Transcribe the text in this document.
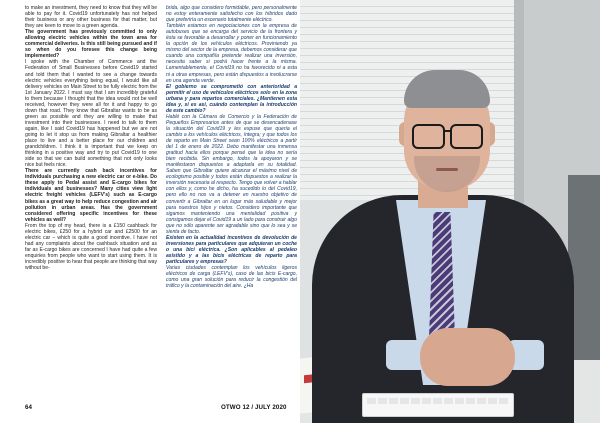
to make an investment, they need to know that they will be able to pay for it. Covid19 unfortunately has not helped their business or any other business for that matter, but they are keen to move to a green agenda.

The government has previously committed to only allowing electric vehicles within the town area for commercial deliveries. Is this still being pursued and if so when do you foresee this change being implemented?

I spoke with the Chamber of Commerce and the Federation of Small Businesses before Covid19 started and told them that I wanted to see a change towards electric vehicles everything being equal, I would like all delivery vehicles on Main Street to be fully electric from the 1st January 2022. I must say that I am incredibly grateful to them because I thought that the idea would not be well received, however they were all for it and happy to go down that road. They know that Gibraltar wants to be as green as possible and they are willing to make that investment into their businesses. I need to talk to them again, like I said Covid19 has happened but we are not going to let it stop us from making Gibraltar a healthier place to live and a better place for our children and grandchildren. I think it is important that we keep on thinking in a positive way and try to put Covid19 to one side so that we can build something that not only looks nice but feels nice.

There are currently cash back incentives for individuals purchasing a new electric car or e-bike. Do these apply to Pedal assist and E-cargo bikes for individuals and businesses? Many cities view light electric freight vehicles (LEFV's) such as E-cargo bikes as a great way to help reduce congestion and air pollution in urban areas. Has the government considered offering specific incentives for these vehicles as well?

From the top of my head, there is a £150 cashback for electric bikes, £250 for a hybrid car and £2500 for an electric car – which is quite a good incentive. I have not had any complaints about the cashback situation and as far as E-cargo bikes are concerned I have had quite a few enquiries from people who want to start using them. It is incredibly positive to hear that people are thinking that way without be-

brida, algo que considero formidable, pero personalmente no estoy enteramente satisfecho con los híbridos dado que preferiría un escenario totalmente eléctrico.

También estamos en negociaciones con la empresa de autobuses que se encarga del servicio de la frontera y ésta se favorable a desarrollar y poner en funcionamiento la opción de los vehículos eléctricos. Proviniendo ya mismo del sector de la empresa, debemos considerar que cuando una compañía pretende realizar una inversión, necesita saber si podrá hacer frente a la misma. Lamentablemente, el Covid19 no ha favorecido ni a esta ni a otras empresas, pero están dispuestos a involucrarse en una agenda verde.

El gobierno se comprometió con anterioridad a permitir el uso de vehículos eléctricos solo en la zona urbana y para repartos comerciales. ¿Mantienen esta idea y, si es así, cuándo contemplan la introducción de este cambio?

Hablé con la Cámara de Comercio y la Federación de Pequeños Empresarios antes de que se desencadenase la situación del Covid19 y les expuse que quería el cambio a los vehículos eléctricos, íntegra; y que todos los de reparto en Main Street sean 100% eléctricos a partir del 1 de enero de 2022. Debo manifestar una inmensa gratitud hacia ellos porque pensé que la idea no sería bien recibida. Sin embargo, todos la apoyaron y se manifestaron dispuestos a adaptarla en su totalidad. Saben que Gibraltar quiere alcanzar el máximo nivel de ecologismo posible y todos están dispuestos a realizar la inversión necesaria al respecto. Tengo que volver a hablar con ellos y, como he dicho, ha sucedido lo del Covid19, pero ello no nos va a detener en nuestro objetivo de convertir a Gibraltar en un lugar más saludable y mejor para nuestros hijos y nietos. Considero importante que sigamos manteniendo una mentalidad positiva y consigamos dejar el Covid19 a un lado para construir algo que no sólo aparente ser agradable sino que lo sea y se sienta de facto.

Existen en la actualidad incentivos de devolución de inversiones para particulares que adquieran un coche o una bici eléctrica. ¿Son aplicables al pedaleo asistido y a las bicis eléctricas de reparto para particulares y empresas?

Varias ciudades contemplan los vehículos ligeros eléctricos de carga (LEFV's), caso de las bicis E-cargo, como una gran solución para reducir la congestión del tráfico y la contaminación del aire. ¿Ha

64	OTWO 12 / JULY 2020
